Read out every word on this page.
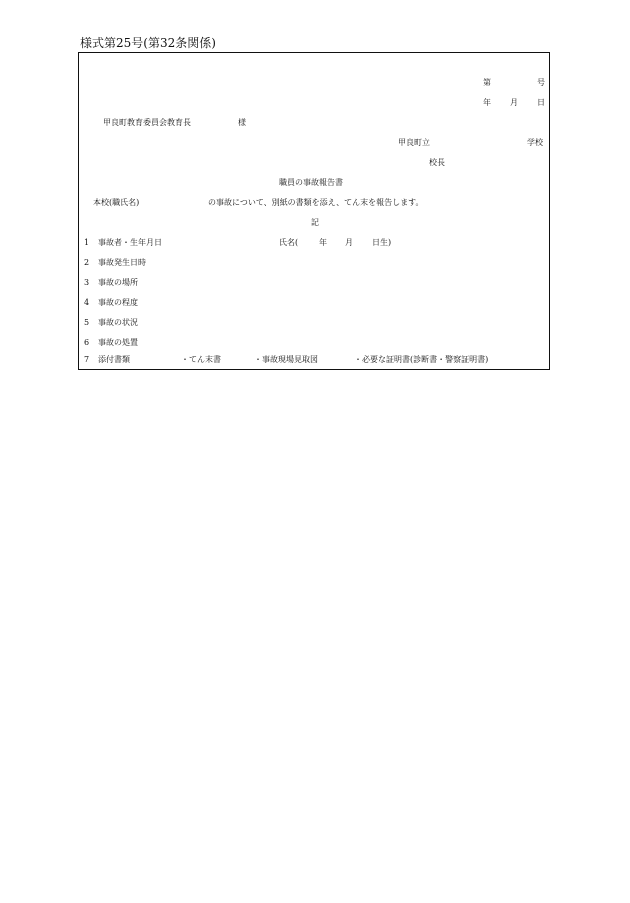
様式第25号(第32条関係)
第	号
年 月 日
甲良町教育委員会教育長	様
甲良町立	学校
校長
職員の事故報告書
本校(職氏名)	の事故について、別紙の書類を添え、てん末を報告します。
記
1	事故者・生年月日	氏名(	年 月 日生)
2	事故発生日時
3	事故の場所
4	事故の程度
5	事故の状況
6	事故の処置
7	添付書類	・てん末書	・事故現場見取図	・必要な証明書(診断書・警察証明書)
